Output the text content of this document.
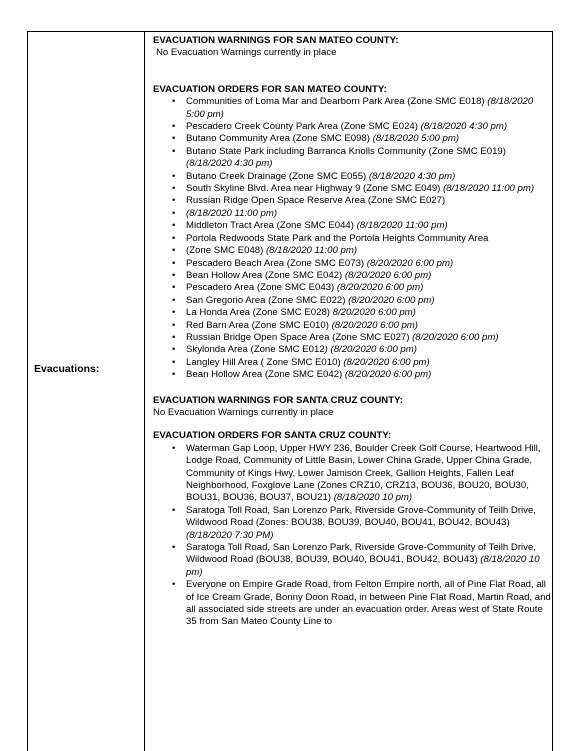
Evacuations:
EVACUATION WARNINGS FOR SAN MATEO COUNTY:
No Evacuation Warnings currently in place
EVACUATION ORDERS FOR SAN MATEO COUNTY:
• Communities of Loma Mar and Dearborn Park Area (Zone SMC E018) (8/18/2020 5:00 pm)
• Pescadero Creek County Park Area (Zone SMC E024) (8/18/2020 4:30 pm)
• Butano Community Area (Zone SMC E098) (8/18/2020 5:00 pm)
• Butano State Park including Barranca Knolls Community (Zone SMC E019) (8/18/2020 4:30 pm)
• Butano Creek Drainage (Zone SMC E055) (8/18/2020 4:30 pm)
• South Skyline Blvd. Area near Highway 9 (Zone SMC E049) (8/18/2020 11:00 pm)
• Russian Ridge Open Space Reserve Area (Zone SMC E027)
• (8/18/2020 11:00 pm)
• Middleton Tract Area (Zone SMC E044) (8/18/2020 11:00 pm)
• Portola Redwoods State Park and the Portola Heights Community Area
• (Zone SMC E048) (8/18/2020 11:00 pm)
• Pescadero Beach Area (Zone SMC E073) (8/20/2020 6:00 pm)
• Bean Hollow Area (Zone SMC E042) (8/20/2020 6:00 pm)
• Pescadero Area (Zone SMC E043) (8/20/2020 6:00 pm)
• San Gregorio Area (Zone SMC E022) (8/20/2020 6:00 pm)
• La Honda Area (Zone SMC E028) 8/20/2020 6:00 pm)
• Red Barn Area (Zone SMC E010) (8/20/2020 6:00 pm)
• Russian Bridge Open Space Area (Zone SMC E027) (8/20/2020 6:00 pm)
• Skylonda Area (Zone SMC E012) (8/20/2020 6:00 pm)
• Langley Hill Area ( Zone SMC E010) (8/20/2020 6:00 pm)
• Bean Hollow Area (Zone SMC E042) (8/20/2020 6:00 pm)
EVACUATION WARNINGS FOR SANTA CRUZ COUNTY:
No Evacuation Warnings currently in place
EVACUATION ORDERS FOR SANTA CRUZ COUNTY:
• Waterman Gap Loop, Upper HWY 236, Boulder Creek Golf Course, Heartwood Hill, Lodge Road, Community of Little Basin, Lower China Grade, Upper China Grade, Community of Kings Hwy, Lower Jamison Creek, Gallion Heights, Fallen Leaf Neighborhood, Foxglove Lane (Zones CRZ10, CRZ13, BOU36, BOU20, BOU30, BOU31, BOU36, BOU37, BOU21) (8/18/2020 10 pm)
• Saratoga Toll Road, San Lorenzo Park, Riverside Grove-Community of Teilh Drive, Wildwood Road (Zones: BOU38, BOU39, BOU40, BOU41, BOU42, BOU43) (8/18/2020 7:30 PM)
• Saratoga Toll Road, San Lorenzo Park, Riverside Grove-Community of Teilh Drive, Wildwood Road (BOU38, BOU39, BOU40, BOU41, BOU42, BOU43) (8/18/2020 10 pm)
• Everyone on Empire Grade Road, from Felton Empire north, all of Pine Flat Road, all of Ice Cream Grade, Bonny Doon Road, in between Pine Flat Road, Martin Road, and all associated side streets are under an evacuation order. Areas west of State Route 35 from San Mateo County Line to
